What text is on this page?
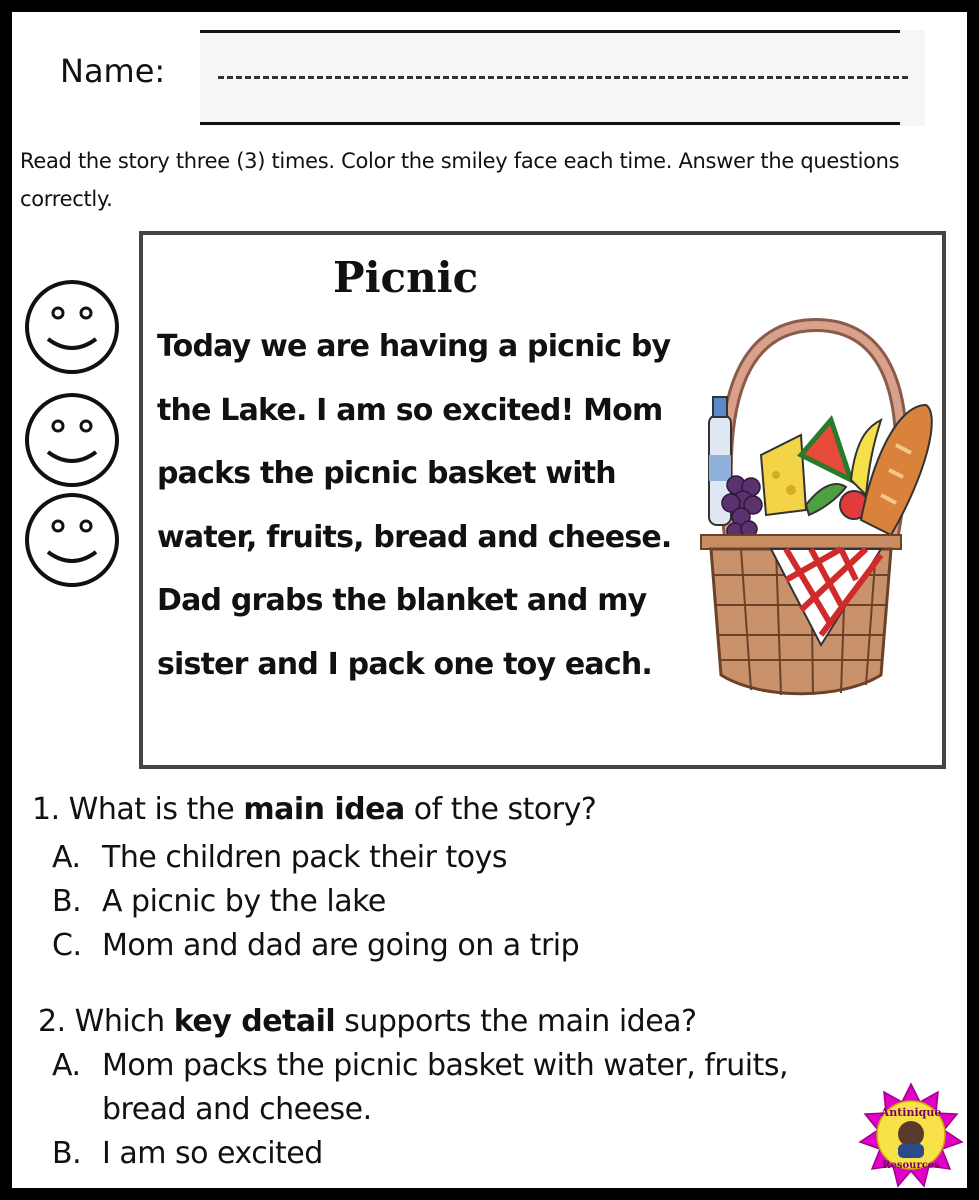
Name:
Read the story three (3) times. Color the smiley face each time. Answer the questions correctly.
Picnic
Today we are having a picnic by the Lake. I am so excited! Mom packs the picnic basket with water, fruits, bread and cheese. Dad grabs the blanket and my sister and I pack one toy each.
1. What is the main idea of the story?
A. The children pack their toys
B. A picnic by the lake
C. Mom and dad are going on a trip
2. Which key detail supports the main idea?
A. Mom packs the picnic basket with water, fruits,
bread and cheese.
B. I am so excited
Antinique
Resources
